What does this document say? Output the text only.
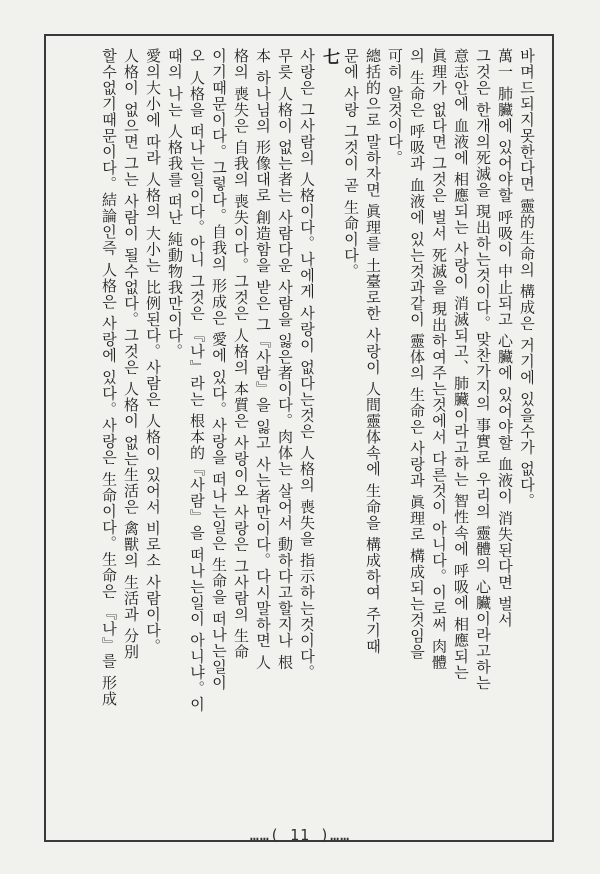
바며드되지못한다면 靈的生命의 構成은 거기에 있을수가 없다。
萬一 肺臟에 있어야할 呼吸이 中止되고 心臟에 있어야할 血液이 消失된다면 벌서
그것은 한개의死滅을 現出하는것이다。맞찬가지의 事實로 우리의 靈體의 心臟이라고하는
意志안에 血液에 相應되는 사랑이 消滅되고、肺臟이라고하는 智性속에 呼吸에 相應되는
眞理가 없다면 그것은 벌서 死滅을 現出하여주는것에서 다른것이 아니다。이로써 肉體
의 生命은 呼吸과 血液에 있는것과같이 靈体의 生命은 사랑과 眞理로 構成되는것임을
可히 알것이다。
總括的으로 말하자면 眞理를 土臺로한 사랑이 人間靈体속에 生命을 構成하여 주기때
문에 사랑 그것이 곧 生命이다。
七
사랑은 그사람의 人格이다。나에게 사랑이 없다는것은 人格의 喪失을 指示하는것이다。
무릇 人格이 없는者는 사람다운 사람을 잃은者이다。肉体는 살어서 動하다고할지나 根
本 하나님의 形像대로 創造함을 받은 그『사람』을 잃고 사는者만이다。다시말하면 人
格의 喪失은 自我의 喪失이다。그것은 人格의 本質은 사랑이오 사랑은 그사람의 生命
이기때문이다。그렇다。自我의 形成은 愛에 있다。사랑을 떠나는일은 生命을 떠나는일이
오 人格을 떠나는일이다。아니 그것은 『나』라는 根本的『사람』을 떠나는일이 아니냐。이
때의 나는 人格我를 떠난 純動物我만이다。
愛의大小에 따라 人格의 大小는 比例된다。사람은 人格이 있어서 비로소 사람이다。
人格이 없으면 그는 사람이 될수없다。그것은 人格이 없는生活은 禽獸의 生活과 分別
할수없기때문이다。結論인즉 人格은 사랑에 있다。사랑은 生命이다。生命은 『나』를 形成
……( 11 )……
